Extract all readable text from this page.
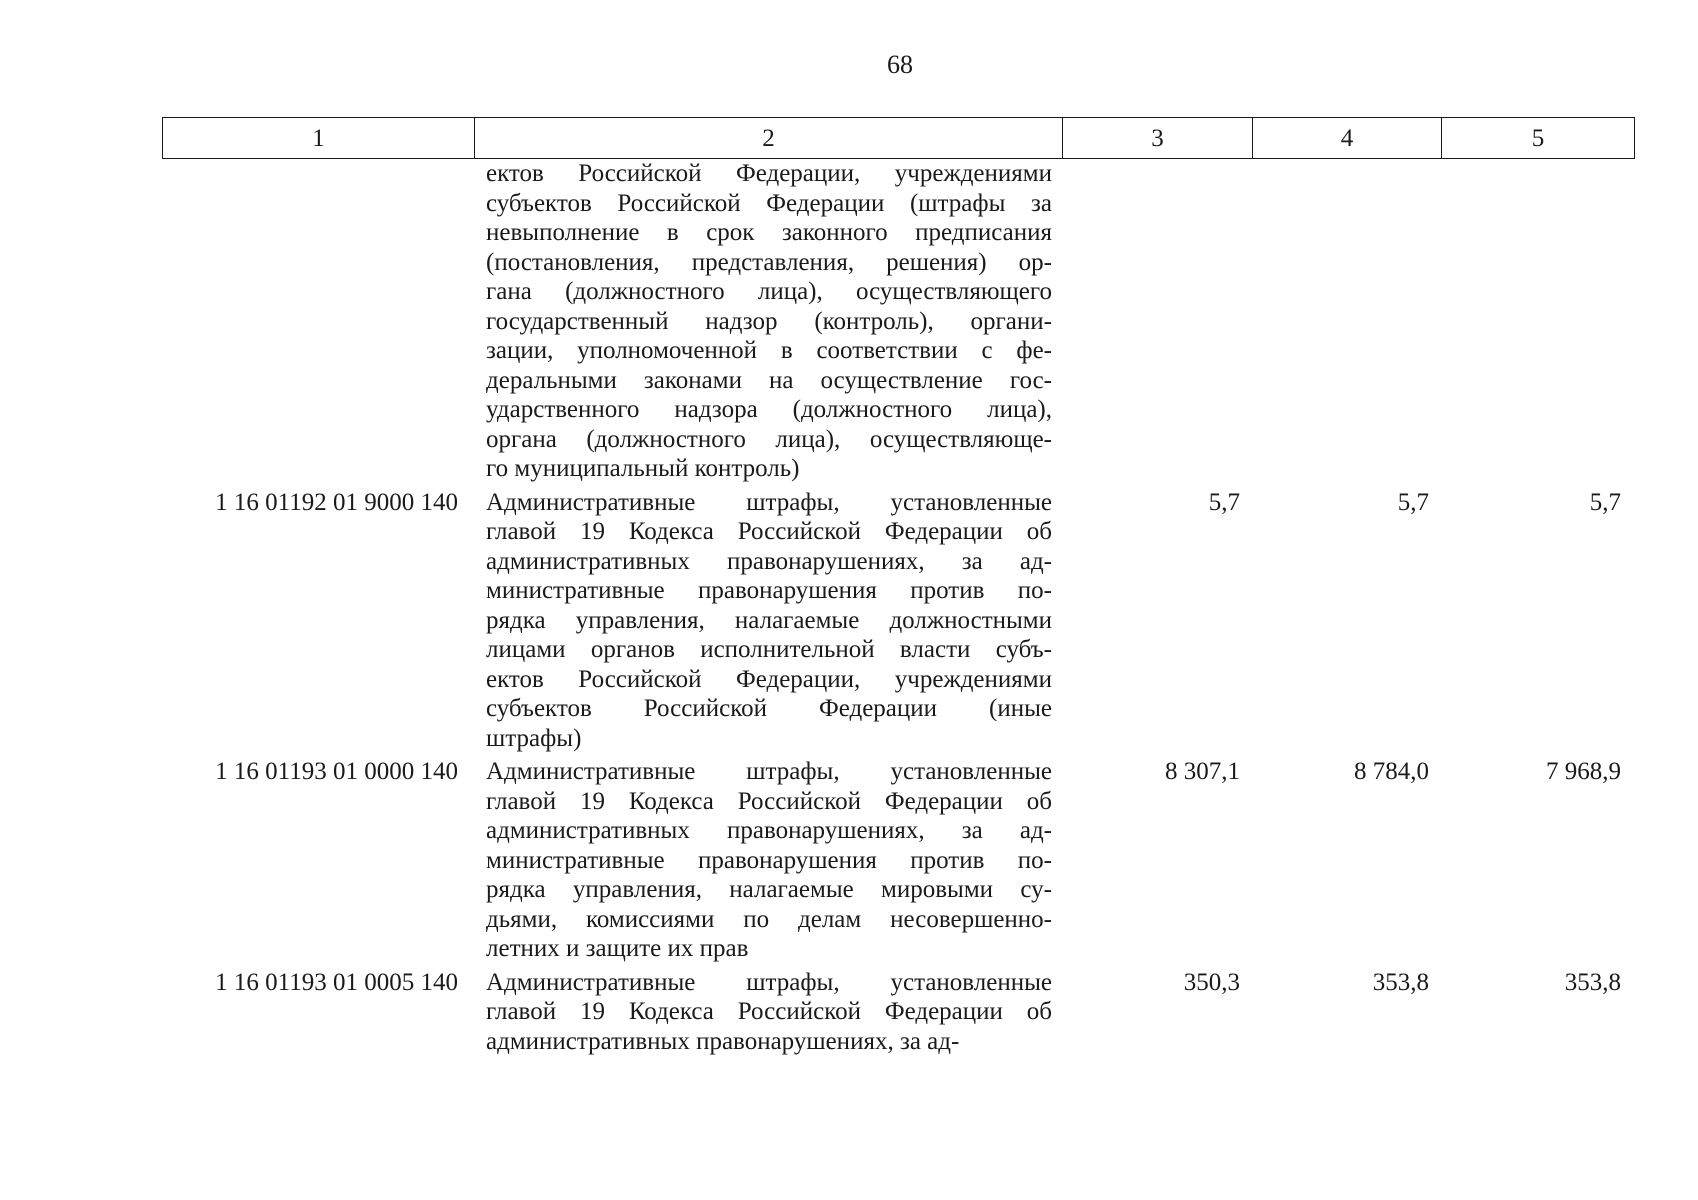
68
1	2	3	4	5
ектов Российской Федерации, учреждениями
субъектов Российской Федерации (штрафы за
невыполнение в срок законного предписания
(постановления, представления, решения) ор-
гана (должностного лица), осуществляющего
государственный надзор (контроль), органи-
зации, уполномоченной в соответствии с фе-
деральными законами на осуществление гос-
ударственного надзора (должностного лица),
органа (должностного лица), осуществляюще-
го муниципальный контроль)
1 16 01192 01 9000 140	Административные штрафы, установленные
главой 19 Кодекса Российской Федерации об
административных правонарушениях, за ад-
министративные правонарушения против по-
рядка управления, налагаемые должностными
лицами органов исполнительной власти субъ-
ектов Российской Федерации, учреждениями
субъектов Российской Федерации (иные
штрафы)
5,7	5,7	5,7
1 16 01193 01 0000 140	Административные штрафы, установленные
главой 19 Кодекса Российской Федерации об
административных правонарушениях, за ад-
министративные правонарушения против по-
рядка управления, налагаемые мировыми су-
дьями, комиссиями по делам несовершенно-
летних и защите их прав
8 307,1	8 784,0	7 968,9
1 16 01193 01 0005 140	Административные штрафы, установленные
главой 19 Кодекса Российской Федерации об
административных правонарушениях, за ад-
350,3	353,8	353,8
